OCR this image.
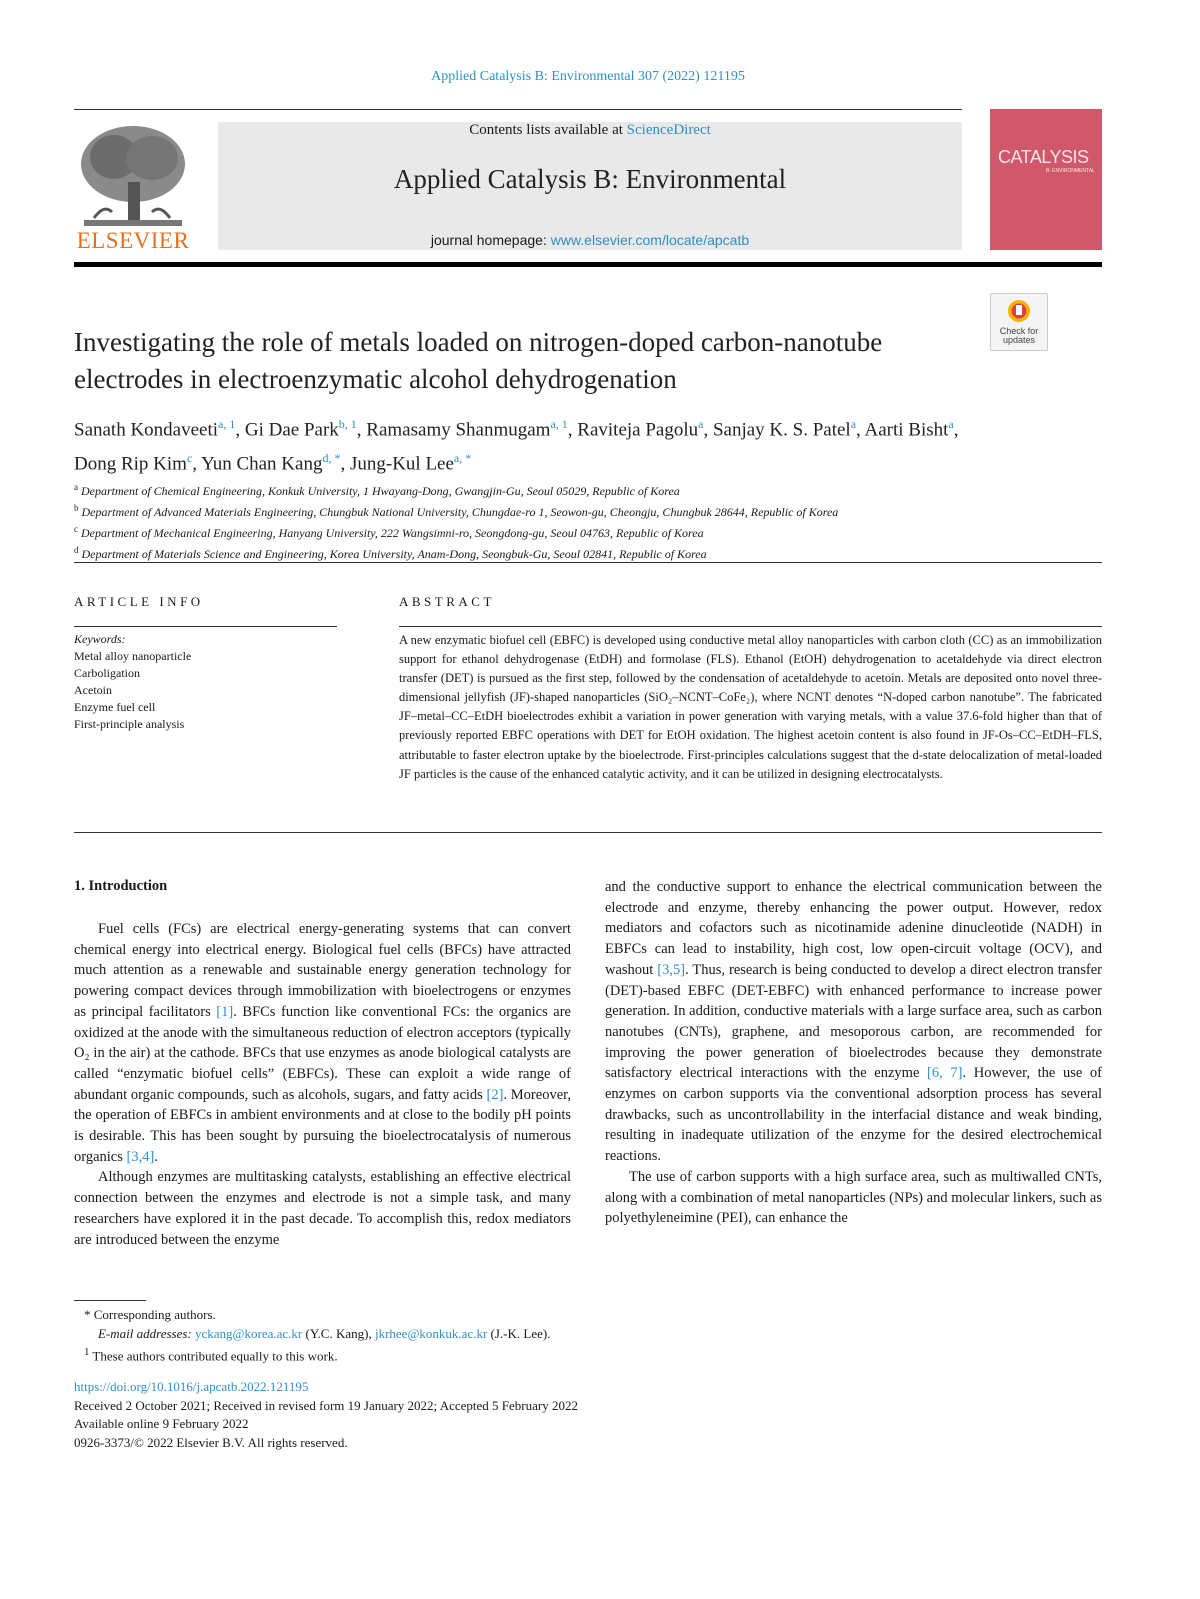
Applied Catalysis B: Environmental 307 (2022) 121195
ELSEVIER
Contents lists available at ScienceDirect
Applied Catalysis B: Environmental
journal homepage: www.elsevier.com/locate/apcatb
CATALYSIS
B: ENVIRONMENTAL
Check for updates
Investigating the role of metals loaded on nitrogen-doped carbon-nanotube electrodes in electroenzymatic alcohol dehydrogenation
Sanath Kondaveeti$^{a, 1}$, Gi Dae Park$^{b, 1}$, Ramasamy Shanmugam$^{a, 1}$, Raviteja Pagolu$^a$, Sanjay K. S. Patel$^a$, Aarti Bisht$^a$, Dong Rip Kim$^c$, Yun Chan Kang$^{d, *}$, Jung-Kul Lee$^{a, *}$
$^a$ Department of Chemical Engineering, Konkuk University, 1 Hwayang-Dong, Gwangjin-Gu, Seoul 05029, Republic of Korea
$^b$ Department of Advanced Materials Engineering, Chungbuk National University, Chungdae-ro 1, Seowon-gu, Cheongju, Chungbuk 28644, Republic of Korea
$^c$ Department of Mechanical Engineering, Hanyang University, 222 Wangsimni-ro, Seongdong-gu, Seoul 04763, Republic of Korea
$^d$ Department of Materials Science and Engineering, Korea University, Anam-Dong, Seongbuk-Gu, Seoul 02841, Republic of Korea
ARTICLE INFO
Keywords:
Metal alloy nanoparticle
Carboligation
Acetoin
Enzyme fuel cell
First-principle analysis
ABSTRACT
A new enzymatic biofuel cell (EBFC) is developed using conductive metal alloy nanoparticles with carbon cloth (CC) as an immobilization support for ethanol dehydrogenase (EtDH) and formolase (FLS). Ethanol (EtOH) dehydrogenation to acetaldehyde via direct electron transfer (DET) is pursued as the first step, followed by the condensation of acetaldehyde to acetoin. Metals are deposited onto novel three-dimensional jellyfish (JF)-shaped nanoparticles (SiO₂–NCNT–CoFe₂), where NCNT denotes “N-doped carbon nanotube”. The fabricated JF–metal–CC–EtDH bioelectrodes exhibit a variation in power generation with varying metals, with a value 37.6-fold higher than that of previously reported EBFC operations with DET for EtOH oxidation. The highest acetoin content is also found in JF-Os–CC–EtDH–FLS, attributable to faster electron uptake by the bioelectrode. First-principles calculations suggest that the d-state delocalization of metal-loaded JF particles is the cause of the enhanced catalytic activity, and it can be utilized in designing electrocatalysts.
1. Introduction

Fuel cells (FCs) are electrical energy-generating systems that can convert chemical energy into electrical energy. Biological fuel cells (BFCs) have attracted much attention as a renewable and sustainable energy generation technology for powering compact devices through immobilization with bioelectrogens or enzymes as principal facilitators [1]. BFCs function like conventional FCs: the organics are oxidized at the anode with the simultaneous reduction of electron acceptors (typically O₂ in the air) at the cathode. BFCs that use enzymes as anode biological catalysts are called “enzymatic biofuel cells” (EBFCs). These can exploit a wide range of abundant organic compounds, such as alcohols, sugars, and fatty acids [2]. Moreover, the operation of EBFCs in ambient environments and at close to the bodily pH points is desirable. This has been sought by pursuing the bioelectrocatalysis of numerous organics [3,4].

Although enzymes are multitasking catalysts, establishing an effective electrical connection between the enzymes and electrode is not a simple task, and many researchers have explored it in the past decade. To accomplish this, redox mediators are introduced between the enzyme

and the conductive support to enhance the electrical communication between the electrode and enzyme, thereby enhancing the power output. However, redox mediators and cofactors such as nicotinamide adenine dinucleotide (NADH) in EBFCs can lead to instability, high cost, low open-circuit voltage (OCV), and washout [3,5]. Thus, research is being conducted to develop a direct electron transfer (DET)-based EBFC (DET-EBFC) with enhanced performance to increase power generation. In addition, conductive materials with a large surface area, such as carbon nanotubes (CNTs), graphene, and mesoporous carbon, are recommended for improving the power generation of bioelectrodes because they demonstrate satisfactory electrical interactions with the enzyme [6, 7]. However, the use of enzymes on carbon supports via the conventional adsorption process has several drawbacks, such as uncontrollability in the interfacial distance and weak binding, resulting in inadequate utilization of the enzyme for the desired electrochemical reactions.

The use of carbon supports with a high surface area, such as multiwalled CNTs, along with a combination of metal nanoparticles (NPs) and molecular linkers, such as polyethyleneimine (PEI), can enhance the

* Corresponding authors.
E-mail addresses: yckang@korea.ac.kr (Y.C. Kang), jkrhee@konkuk.ac.kr (J.-K. Lee).
$^1$ These authors contributed equally to this work.
https://doi.org/10.1016/j.apcatb.2022.121195
Received 2 October 2021; Received in revised form 19 January 2022; Accepted 5 February 2022
Available online 9 February 2022
0926-3373/© 2022 Elsevier B.V. All rights reserved.
